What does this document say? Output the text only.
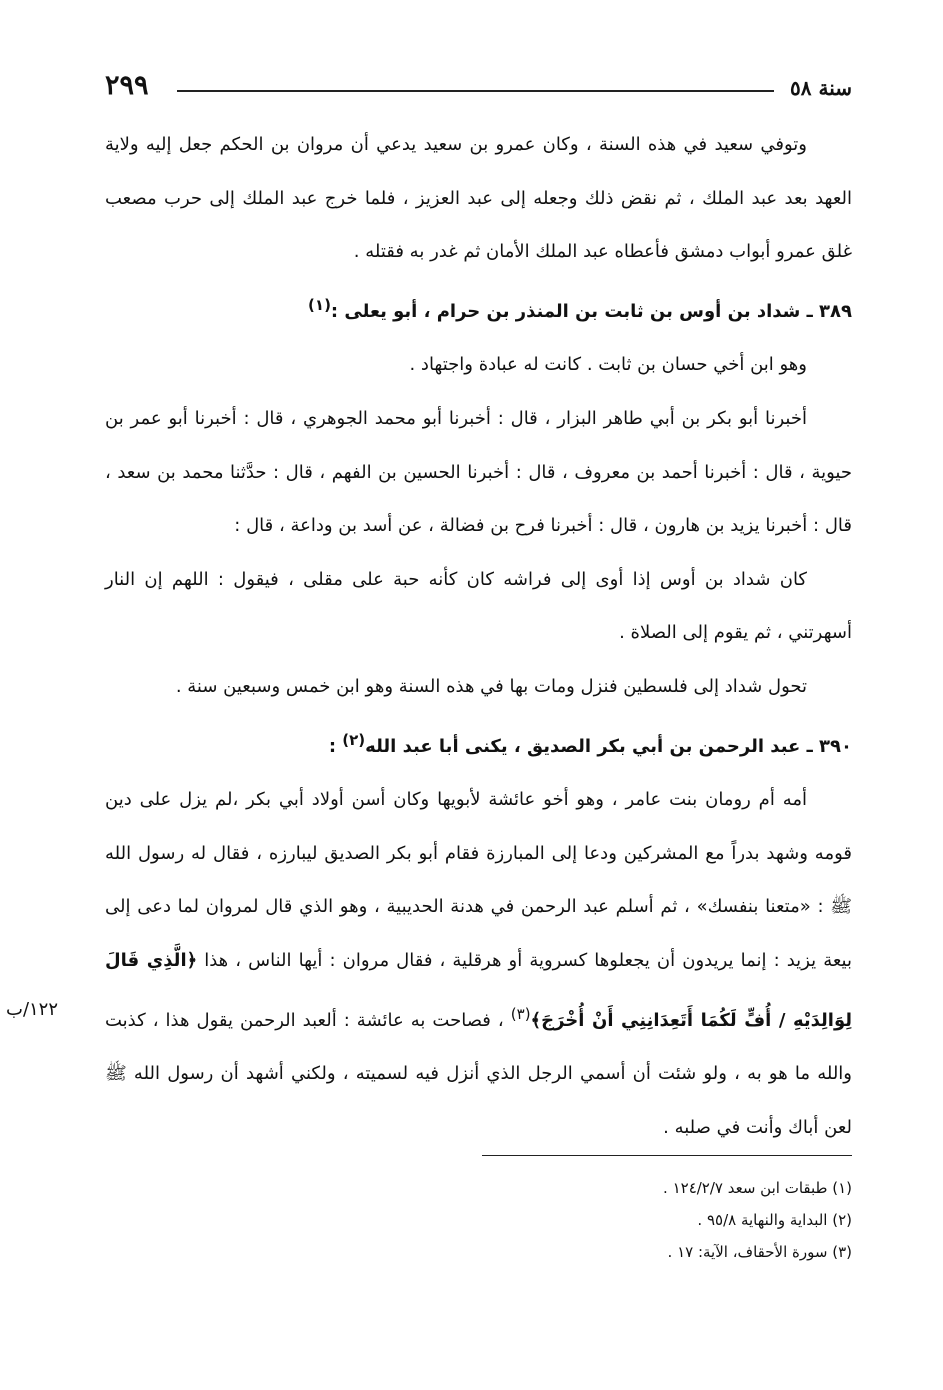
٢٩٩	سنة ٥٨

وتوفي سعيد في هذه السنة ، وكان عمرو بن سعيد يدعي أن مروان بن الحكم جعل إليه ولاية العهد بعد عبد الملك ، ثم نقض ذلك وجعله إلى عبد العزيز ، فلما خرج عبد الملك إلى حرب مصعب غلق عمرو أبواب دمشق فأعطاه عبد الملك الأمان ثم غدر به فقتله .

٣٨٩ ـ شداد بن أوس بن ثابت بن المنذر بن حرام ، أبو يعلى :$^{(١)}$

وهو ابن أخي حسان بن ثابت . كانت له عبادة واجتهاد .

أخبرنا أبو بكر بن أبي طاهر البزار ، قال : أخبرنا أبو محمد الجوهري ، قال : أخبرنا أبو عمر بن حيوية ، قال : أخبرنا أحمد بن معروف ، قال : أخبرنا الحسين بن الفهم ، قال : حدَّثنا محمد بن سعد ، قال : أخبرنا يزيد بن هارون ، قال : أخبرنا فرح بن فضالة ، عن أسد بن وداعة ، قال :

كان شداد بن أوس إذا أوى إلى فراشه كان كأنه حبة على مقلى ، فيقول : اللهم إن النار أسهرتني ، ثم يقوم إلى الصلاة .

تحول شداد إلى فلسطين فنزل ومات بها في هذه السنة وهو ابن خمس وسبعين سنة .

٣٩٠ ـ عبد الرحمن بن أبي بكر الصديق ، يكنى أبا عبد الله$^{(٢)}$ :

أمه أم رومان بنت عامر ، وهو أخو عائشة لأبويها وكان أسن أولاد أبي بكر ،لم يزل على دين قومه وشهد بدراً مع المشركين ودعا إلى المبارزة فقام أبو بكر الصديق ليبارزه ، فقال له رسول الله ﷺ : «متعنا بنفسك» ، ثم أسلم عبد الرحمن في هدنة الحديبية ، وهو الذي قال لمروان لما دعى إلى بيعة يزيد : إنما يريدون أن يجعلوها كسروية أو هرقلية ، فقال مروان : أيها الناس ، هذا ﴿الَّذِي قَالَ لِوَالِدَيْهِ / أُفٍّ لَكُمَا أَتَعِدَانِنِي أَنْ أُخْرَجَ﴾$^{(٣)}$ ، فصاحت به عائشة : ألعبد الرحمن يقول هذا ، كذبت والله ما هو به ، ولو شئت أن أسمي الرجل الذي أنزل فيه لسميته ، ولكني أشهد أن رسول الله ﷺ لعن أباك وأنت في صلبه .

١٢٢/ب

(١) طبقات ابن سعد ١٢٤/٢/٧ .

(٢) البداية والنهاية ٩٥/٨ .

(٣) سورة الأحقاف، الآية: ١٧ .
